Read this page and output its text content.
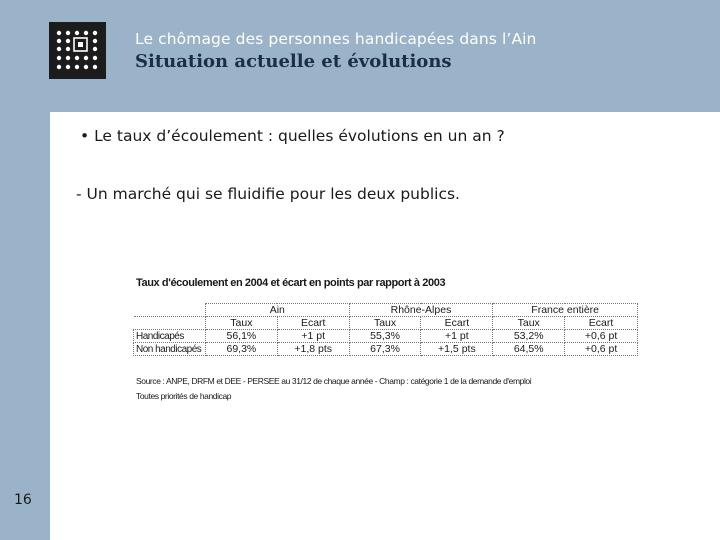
Le chômage des personnes handicapées dans l’Ain
Situation actuelle et évolutions
• Le taux d’écoulement : quelles évolutions en un an ?
- Un marché qui se fluidifie pour les deux publics.
Taux d'écoulement en 2004 et écart en points par rapport à 2003
	Ain		Rhône-Alpes		France entière	
	Taux	Ecart	Taux	Ecart	Taux	Ecart
Handicapés	56,1%	+1 pt	55,3%	+1 pt	53,2%	+0,6 pt
Non handicapés	69,3%	+1,8 pts	67,3%	+1,5 pts	64,5%	+0,6 pt
Source : ANPE, DRFM et DEE - PERSEE au 31/12 de chaque année - Champ : catégorie 1 de la demande d'emploi
Toutes priorités de handicap
16
